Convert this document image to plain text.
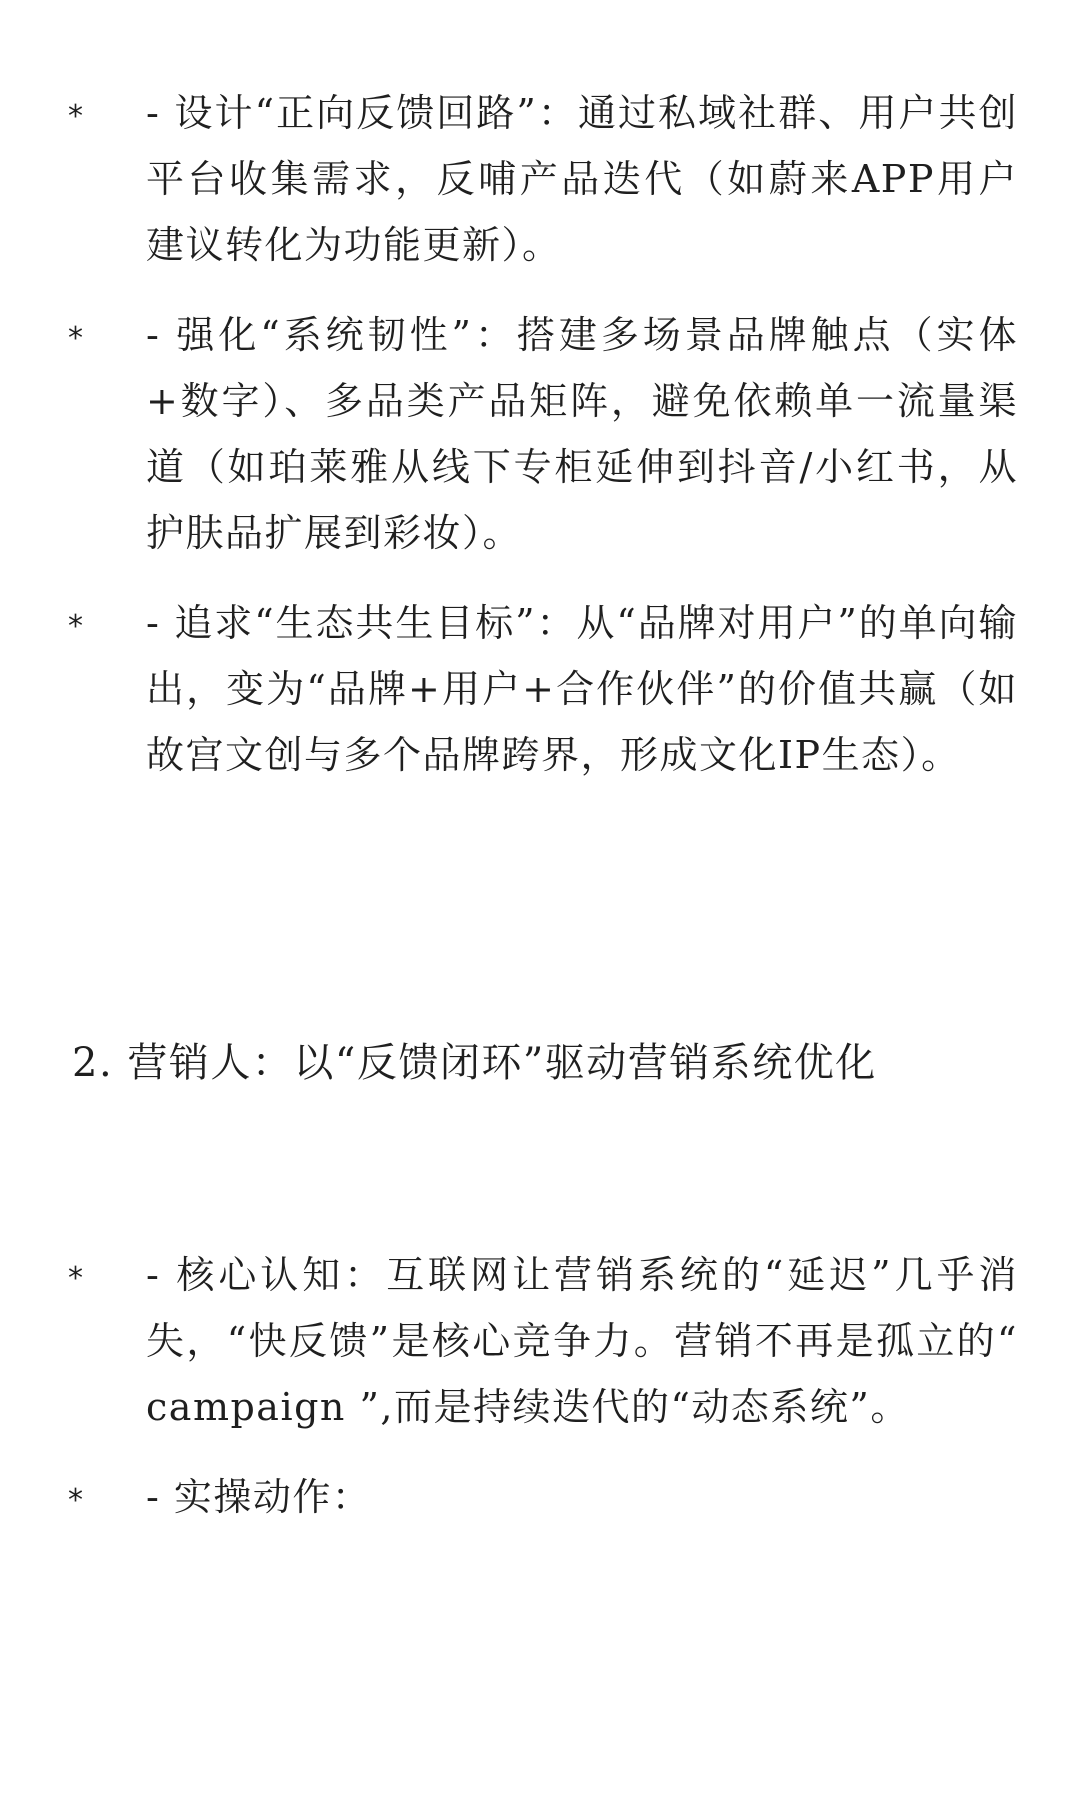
*	- 设计“正向反馈回路”：通过私域社群、用户共创平台收集需求，反哺产品迭代（如蔚来APP用户建议转化为功能更新）。
*	- 强化“系统韧性”：搭建多场景品牌触点（实体+数字）、多品类产品矩阵，避免依赖单一流量渠道（如珀莱雅从线下专柜延伸到抖音/小红书，从护肤品扩展到彩妆）。
*	- 追求“生态共生目标”：从“品牌对用户”的单向输出，变为“品牌+用户+合作伙伴”的价值共赢（如故宫文创与多个品牌跨界，形成文化IP生态）。
2. 营销人：以“反馈闭环”驱动营销系统优化
*	- 核心认知：互联网让营销系统的“延迟”几乎消失，“快反馈”是核心竞争力。营销不再是孤立的“ campaign ”,而是持续迭代的“动态系统”。
*	- 实操动作：
